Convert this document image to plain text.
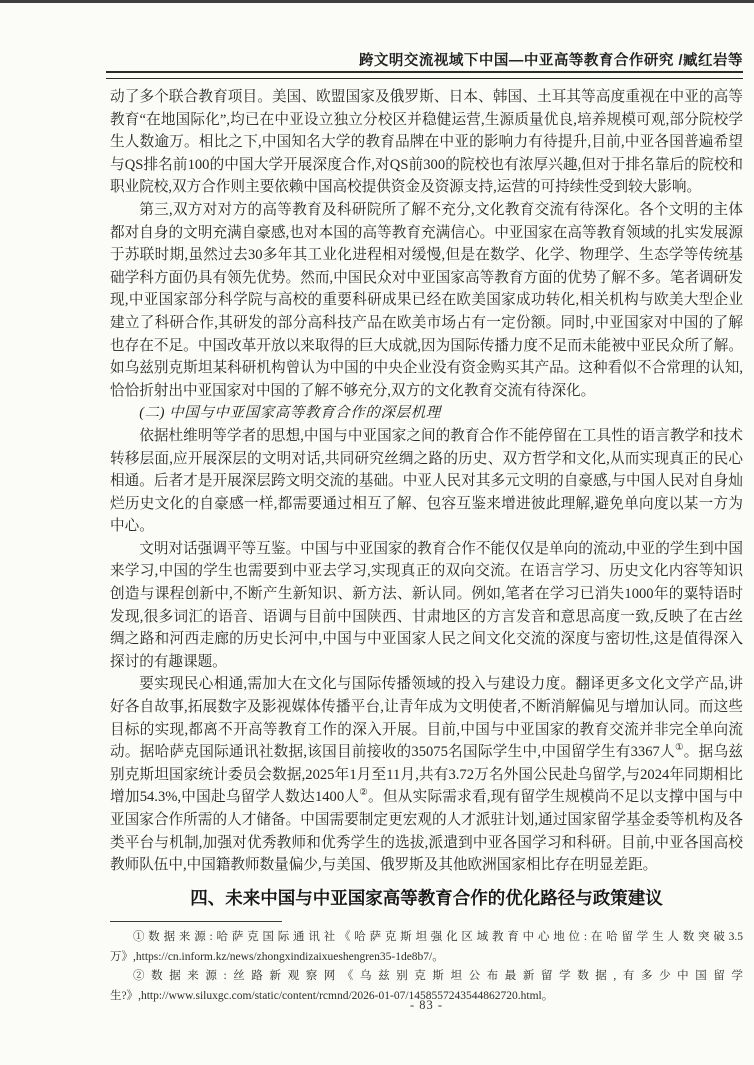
跨文明交流视域下中国—中亚高等教育合作研究 /臧红岩等

动了多个联合教育项目。美国、欧盟国家及俄罗斯、日本、韩国、土耳其等高度重视在中亚的高等教育“在地国际化”,均已在中亚设立独立分校区并稳健运营,生源质量优良,培养规模可观,部分院校学生人数逾万。相比之下,中国知名大学的教育品牌在中亚的影响力有待提升,目前,中亚各国普遍希望与QS排名前100的中国大学开展深度合作,对QS前300的院校也有浓厚兴趣,但对于排名靠后的院校和职业院校,双方合作则主要依赖中国高校提供资金及资源支持,运营的可持续性受到较大影响。

第三,双方对对方的高等教育及科研院所了解不充分,文化教育交流有待深化。各个文明的主体都对自身的文明充满自豪感,也对本国的高等教育充满信心。中亚国家在高等教育领域的扎实发展源于苏联时期,虽然过去30多年其工业化进程相对缓慢,但是在数学、化学、物理学、生态学等传统基础学科方面仍具有领先优势。然而,中国民众对中亚国家高等教育方面的优势了解不多。笔者调研发现,中亚国家部分科学院与高校的重要科研成果已经在欧美国家成功转化,相关机构与欧美大型企业建立了科研合作,其研发的部分高科技产品在欧美市场占有一定份额。同时,中亚国家对中国的了解也存在不足。中国改革开放以来取得的巨大成就,因为国际传播力度不足而未能被中亚民众所了解。如乌兹别克斯坦某科研机构曾认为中国的中央企业没有资金购买其产品。这种看似不合常理的认知,恰恰折射出中亚国家对中国的了解不够充分,双方的文化教育交流有待深化。

(二) 中国与中亚国家高等教育合作的深层机理

依据杜维明等学者的思想,中国与中亚国家之间的教育合作不能停留在工具性的语言教学和技术转移层面,应开展深层的文明对话,共同研究丝绸之路的历史、双方哲学和文化,从而实现真正的民心相通。后者才是开展深层跨文明交流的基础。中亚人民对其多元文明的自豪感,与中国人民对自身灿烂历史文化的自豪感一样,都需要通过相互了解、包容互鉴来增进彼此理解,避免单向度以某一方为中心。

文明对话强调平等互鉴。中国与中亚国家的教育合作不能仅仅是单向的流动,中亚的学生到中国来学习,中国的学生也需要到中亚去学习,实现真正的双向交流。在语言学习、历史文化内容等知识创造与课程创新中,不断产生新知识、新方法、新认同。例如,笔者在学习已消失1000年的粟特语时发现,很多词汇的语音、语调与目前中国陕西、甘肃地区的方言发音和意思高度一致,反映了在古丝绸之路和河西走廊的历史长河中,中国与中亚国家人民之间文化交流的深度与密切性,这是值得深入探讨的有趣课题。

要实现民心相通,需加大在文化与国际传播领域的投入与建设力度。翻译更多文化文学产品,讲好各自故事,拓展数字及影视媒体传播平台,让青年成为文明使者,不断消解偏见与增加认同。而这些目标的实现,都离不开高等教育工作的深入开展。目前,中国与中亚国家的教育交流并非完全单向流动。据哈萨克国际通讯社数据,该国目前接收的35075名国际学生中,中国留学生有3367人①。据乌兹别克斯坦国家统计委员会数据,2025年1月至11月,共有3.72万名外国公民赴乌留学,与2024年同期相比增加54.3%,中国赴乌留学人数达1400人②。但从实际需求看,现有留学生规模尚不足以支撑中国与中亚国家合作所需的人才储备。中国需要制定更宏观的人才派驻计划,通过国家留学基金委等机构及各类平台与机制,加强对优秀教师和优秀学生的选拔,派遣到中亚各国学习和科研。目前,中亚各国高校教师队伍中,中国籍教师数量偏少,与美国、俄罗斯及其他欧洲国家相比存在明显差距。

四、未来中国与中亚国家高等教育合作的优化路径与政策建议

①数据来源:哈萨克国际通讯社《哈萨克斯坦强化区域教育中心地位:在哈留学生人数突破3.5万》,https://cn.inform.kz/news/zhongxindizaixueshengren35-1de8b7/。

②数据来源:丝路新观察网《乌兹别克斯坦公布最新留学数据,有多少中国留学生?》,http://www.siluxgc.com/static/content/rcmnd/2026-01-07/1458557243544862720.html。

- 83 -
